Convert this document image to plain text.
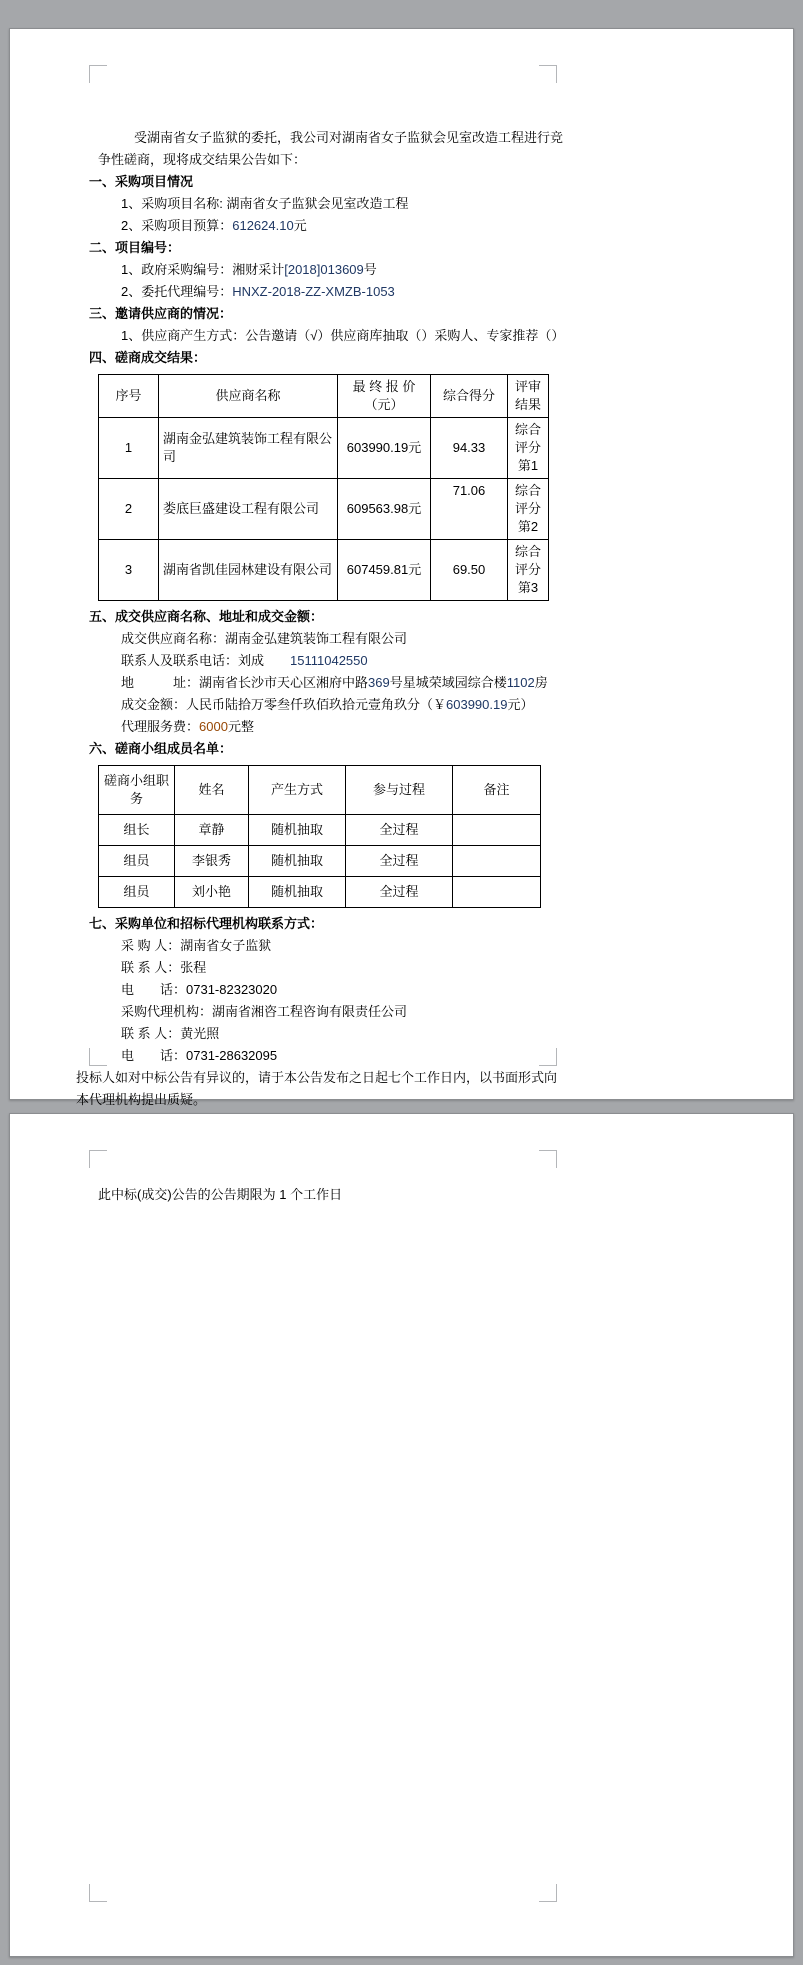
受湖南省女子监狱的委托，我公司对湖南省女子监狱会见室改造工程进行竞争性磋商，现将成交结果公告如下：

一、采购项目情况

1、采购项目名称: 湖南省女子监狱会见室改造工程

2、采购项目预算：612624.10元

二、项目编号：

1、政府采购编号：湘财采计[2018]013609号

2、委托代理编号：HNXZ-2018-ZZ-XMZB-1053

三、邀请供应商的情况：

1、供应商产生方式：公告邀请（√）供应商库抽取（）采购人、专家推荐（）

四、磋商成交结果：

序号	供应商名称	最 终 报 价（元）	综合得分	评审结果
1	湖南金弘建筑装饰工程有限公司	603990.19元	94.33	综合评分
第1
2	娄底巨盛建设工程有限公司	609563.98元	71.06	综合评分
第2
3	湖南省凯佳园林建设有限公司	607459.81元	69.50	综合评分
第3

五、成交供应商名称、地址和成交金额：

成交供应商名称：湖南金弘建筑装饰工程有限公司

联系人及联系电话：刘成　　15111042550

地　　　址：湖南省长沙市天心区湘府中路369号星城荣域园综合楼1102房

成交金额：人民币陆拾万零叁仟玖佰玖拾元壹角玖分（￥603990.19元）

代理服务费：6000元整

六、磋商小组成员名单：

磋商小组职务	姓名	产生方式	参与过程	备注
组长	章静	随机抽取	全过程	
组员	李银秀	随机抽取	全过程	
组员	刘小艳	随机抽取	全过程	

七、采购单位和招标代理机构联系方式：

采 购 人：湖南省女子监狱

联 系 人：张程

电　　话：0731-82323020

采购代理机构：湖南省湘咨工程咨询有限责任公司

联 系 人：黄光照

电　　话：0731-28632095

投标人如对中标公告有异议的，请于本公告发布之日起七个工作日内，以书面形式向本代理机构提出质疑。

此中标(成交)公告的公告期限为 1 个工作日
